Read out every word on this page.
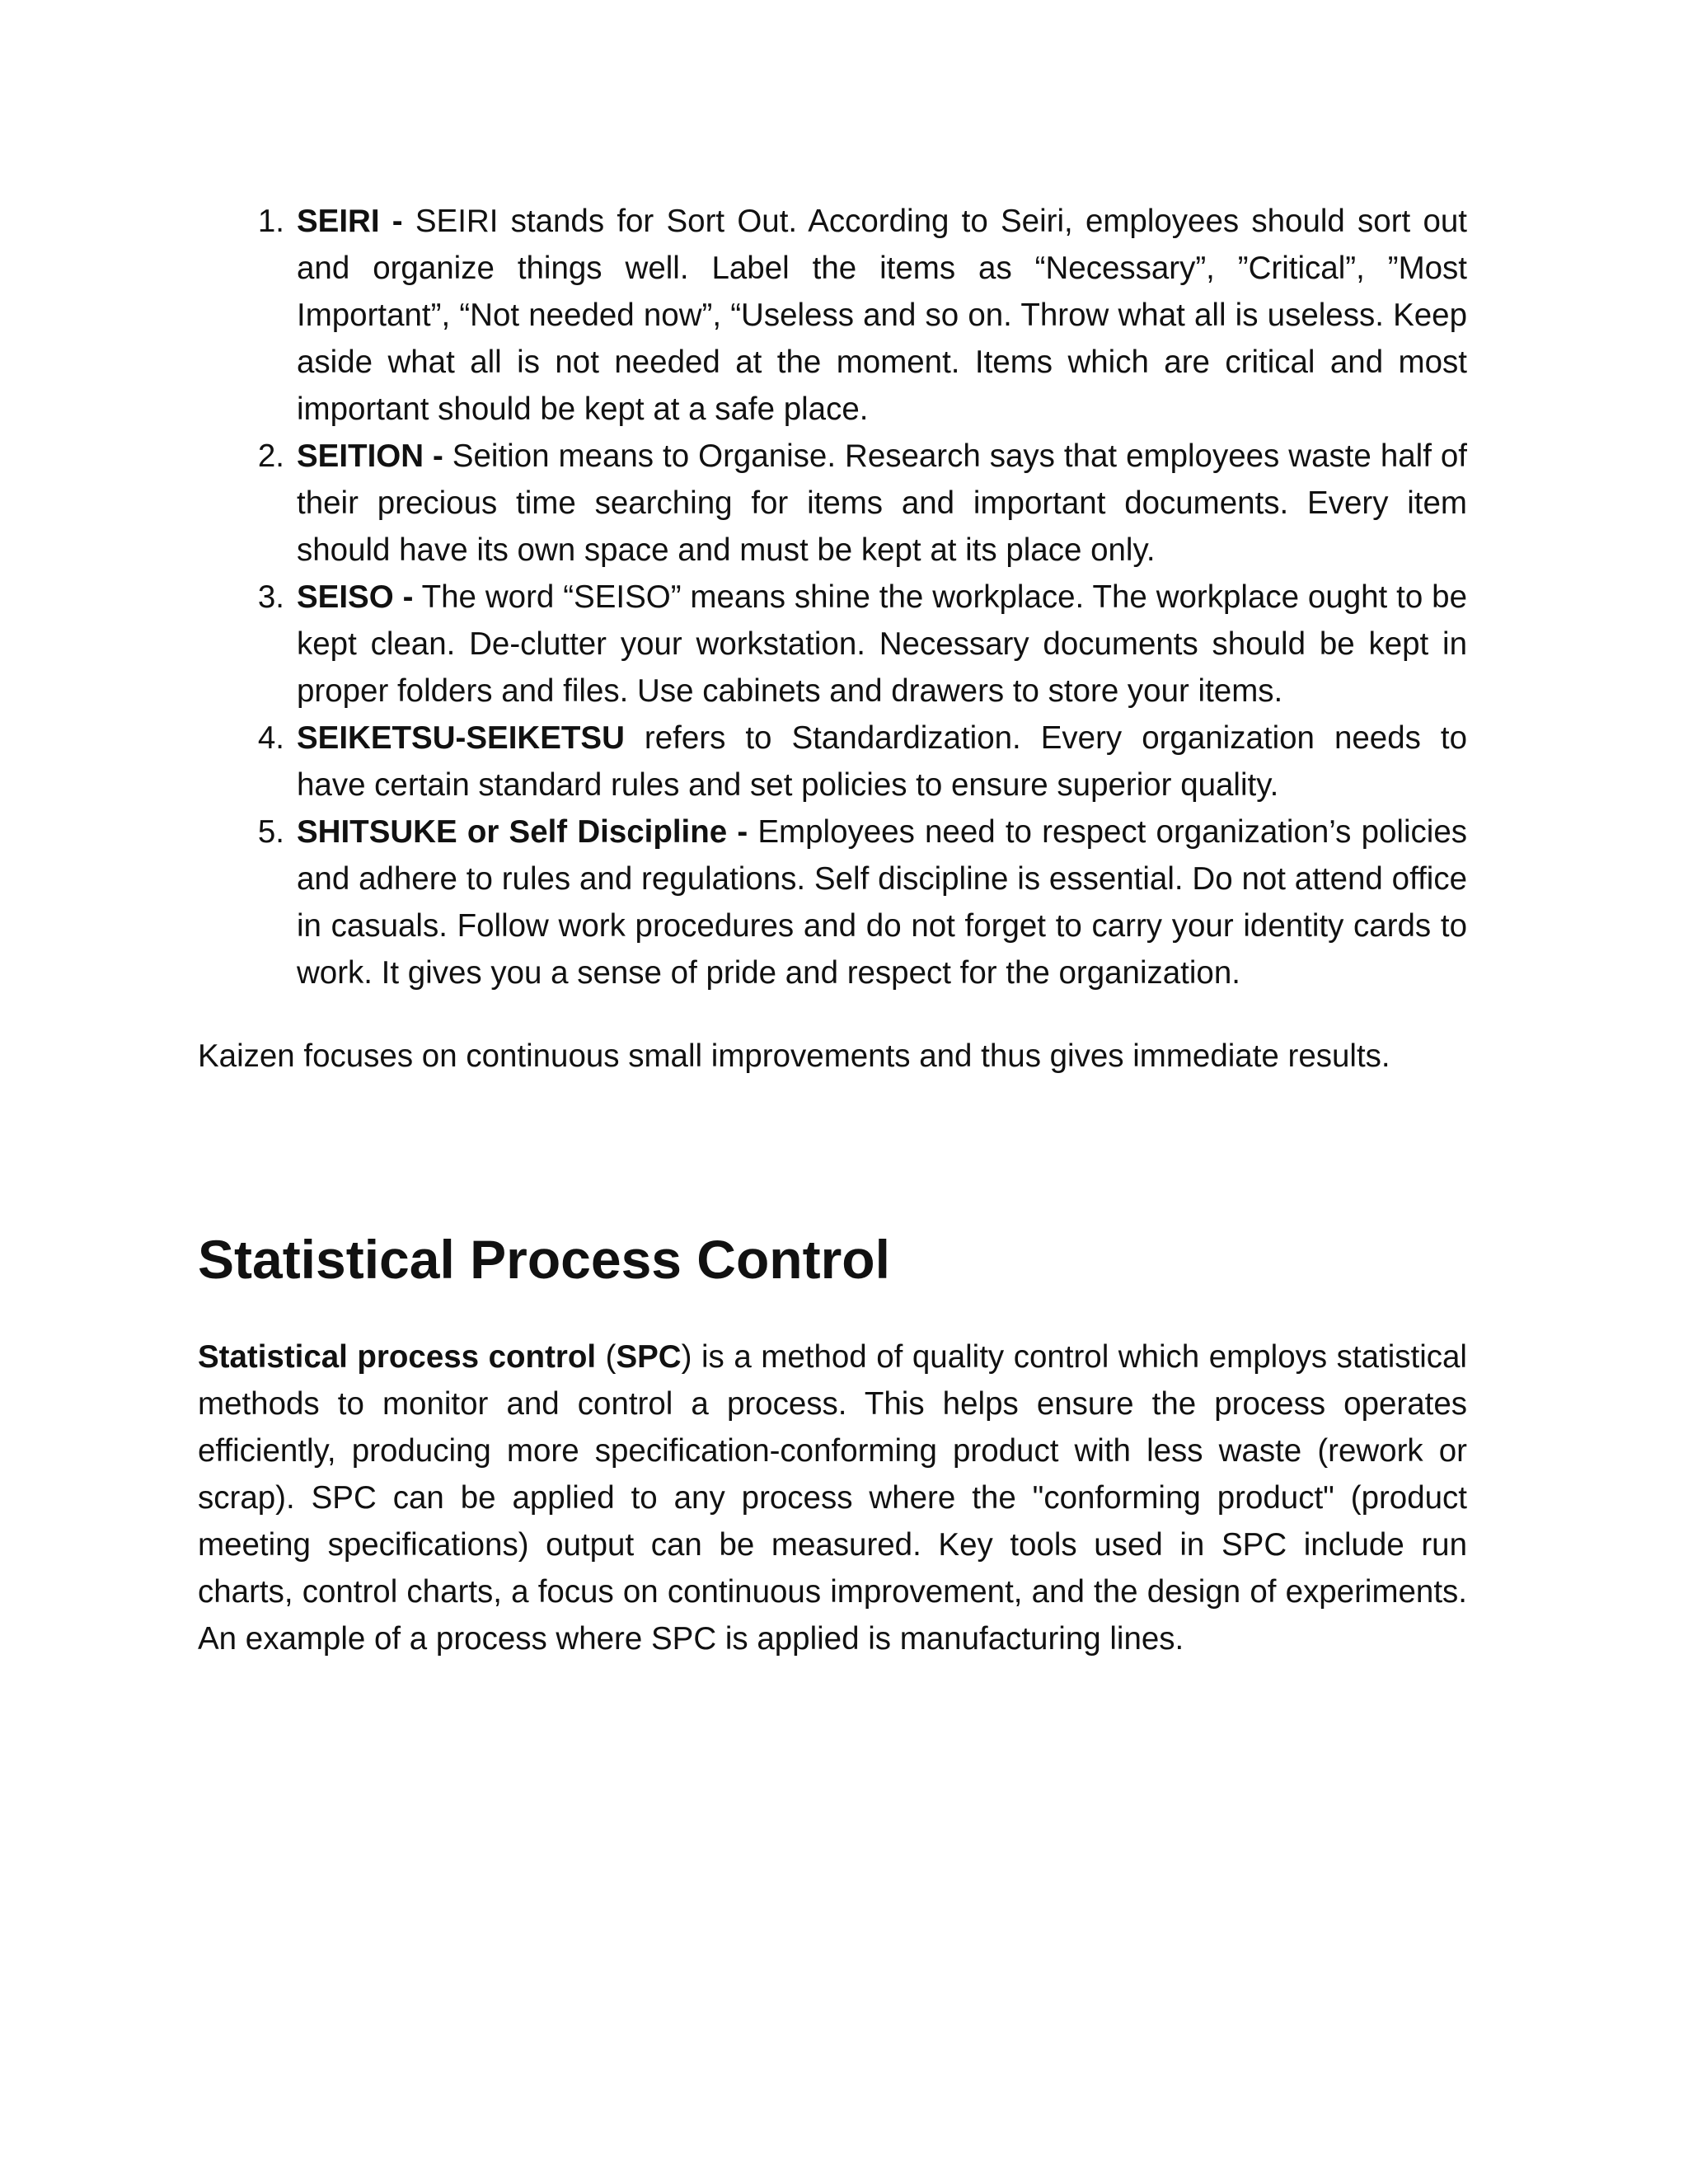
1. SEIRI - SEIRI stands for Sort Out. According to Seiri, employees should sort out and organize things well. Label the items as “Necessary”, ”Critical”, ”Most Important”, “Not needed now”, “Useless and so on. Throw what all is useless. Keep aside what all is not needed at the moment. Items which are critical and most important should be kept at a safe place.
2. SEITION - Seition means to Organise. Research says that employees waste half of their precious time searching for items and important documents. Every item should have its own space and must be kept at its place only.
3. SEISO - The word “SEISO” means shine the workplace. The workplace ought to be kept clean. De-clutter your workstation. Necessary documents should be kept in proper folders and files. Use cabinets and drawers to store your items.
4. SEIKETSU-SEIKETSU refers to Standardization. Every organization needs to have certain standard rules and set policies to ensure superior quality.
5. SHITSUKE or Self Discipline - Employees need to respect organization’s policies and adhere to rules and regulations. Self discipline is essential. Do not attend office in casuals. Follow work procedures and do not forget to carry your identity cards to work. It gives you a sense of pride and respect for the organization.

Kaizen focuses on continuous small improvements and thus gives immediate results.

Statistical Process Control

Statistical process control (SPC) is a method of quality control which employs statistical methods to monitor and control a process. This helps ensure the process operates efficiently, producing more specification-conforming product with less waste (rework or scrap). SPC can be applied to any process where the "conforming product" (product meeting specifications) output can be measured. Key tools used in SPC include run charts, control charts, a focus on continuous improvement, and the design of experiments. An example of a process where SPC is applied is manufacturing lines.
